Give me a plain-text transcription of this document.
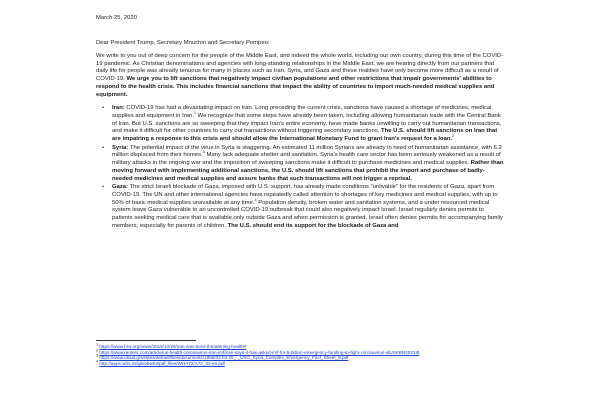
March 25, 2020

Dear President Trump, Secretary Mnuchin and Secretary Pompeo:

We write to you out of deep concern for the people of the Middle East, and indeed the whole world, including our own country, during this time of the COVID-19 pandemic. As Christian denominations and agencies with long-standing relationships in the Middle East, we are hearing directly from our partners that daily life for people was already tenuous for many in places such as Iran, Syria, and Gaza and these realities have only become more difficult as a result of COVID-19. We urge you to lift sanctions that negatively impact civilian populations and other restrictions that impair governments' abilities to respond to the health crisis. This includes financial sanctions that impact the ability of countries to import much-needed medical supplies and equipment.

• Iran: COVID-19 has had a devastating impact on Iran. Long preceding the current crisis, sanctions have caused a shortage of medicines, medical supplies and equipment in Iran.$^1$ We recognize that some steps have already been taken, including allowing humanitarian trade with the Central Bank of Iran. But U.S. sanctions are so sweeping that they impact Iran's entire economy, have made banks unwilling to carry out humanitarian transactions, and make it difficult for other countries to carry out transactions without triggering secondary sanctions. The U.S. should lift sanctions on Iran that are impairing a response to this crisis and should allow the International Monetary Fund to grant Iran's request for a loan.$^2$
• Syria: The potential impact of the virus in Syria is staggering. An estimated 11 million Syrians are already in need of humanitarian assistance, with 6.2 million displaced from their homes.$^3$ Many lack adequate shelter and sanitation. Syria's health care sector has been seriously weakened as a result of military attacks in the ongoing war and the imposition of sweeping sanctions make it difficult to purchase medicines and medical supplies. Rather than moving forward with implementing additional sanctions, the U.S. should lift sanctions that prohibit the import and purchase of badly-needed medicines and medical supplies and assure banks that such transactions will not trigger a reprisal.
• Gaza: The strict Israeli blockade of Gaza, imposed with U.S. support, has already made conditions "unlivable" for the residents of Gaza, apart from COVID-19. The UN and other international agencies have repeatedly called attention to shortages of key medicines and medical supplies, with up to 50% of basic medical supplies unavailable at any time.$^4$ Population density, broken water and sanitation systems, and a under resourced medical system leave Gaza vulnerable to an uncontrolled COVID-19 outbreak that could also negatively impact Israel. Israel regularly denies permits to patients seeking medical care that is available only outside Gaza and when permission is granted, Israel often denies permits for accompanying family members, especially for parents of children. The U.S. should end its support for the blockade of Gaza and

$^1$ https://www.hrw.org/news/2019/10/29/iran-sanctions-threatening-health#

$^2$ https://www.reuters.com/article/us-health-coronavirus-iran-imf/iran-says-it-has-asked-imf-for-5-billion-emergency-funding-to-fight-coronavirus-idUSKBN2021I8

$^3$ https://www.usaid.gov/sites/default/files/documents/1866/03.04.20_-_USG_Syria_Complex_Emergency_Fact_Sheet_5.pdf

$^4$ http://apps.who.int/gb/ebwha/pdf_files/WHA72/A72_33-en.pdf
